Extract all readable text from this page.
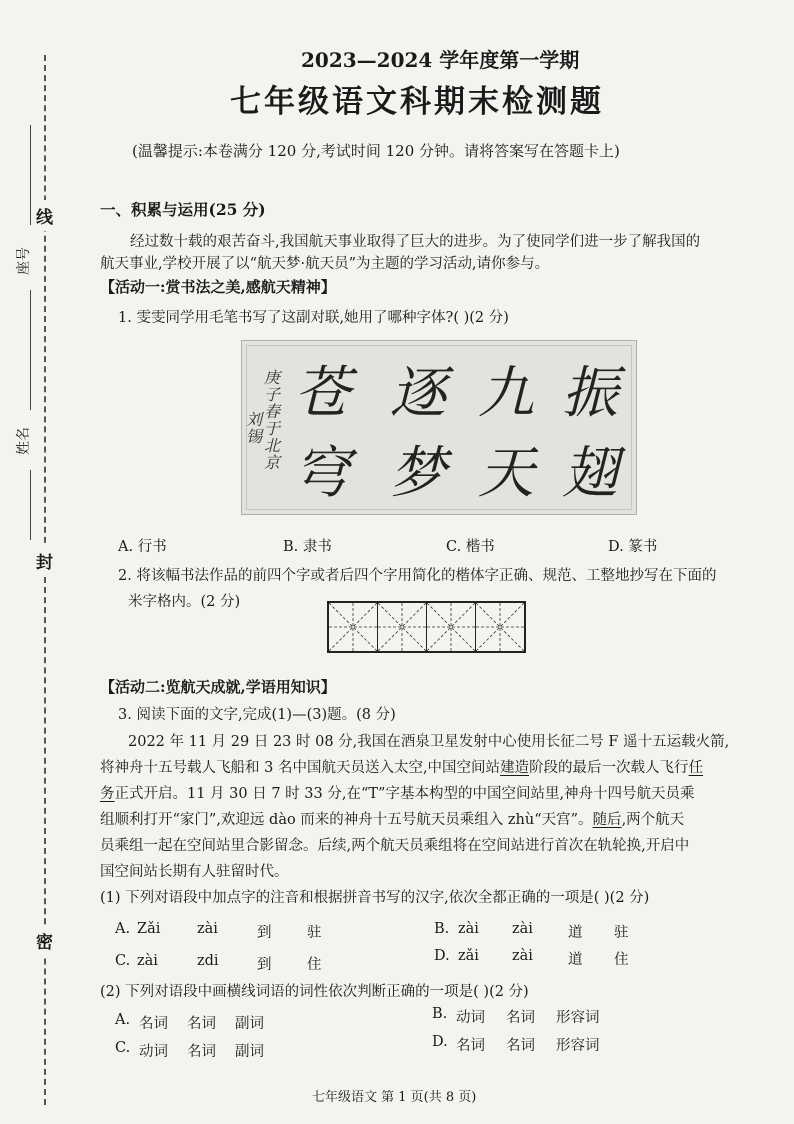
线
封
密
座号
姓名
2023—2024 学年度第一学期
七年级语文科期末检测题
(温馨提示:本卷满分 120 分,考试时间 120 分钟。请将答案写在答题卡上)
一、积累与运用(25 分)
经过数十载的艰苦奋斗,我国航天事业取得了巨大的进步。为了使同学们进一步了解我国的
航天事业,学校开展了以“航天梦·航天员”为主题的学习活动,请你参与。
【活动一:赏书法之美,感航天精神】
1. 雯雯同学用毛笔书写了这副对联,她用了哪种字体?( )(2 分)
庚子春于北京
刘锡
苍
穹
逐
梦
九
天
振
翅
A. 行书	B. 隶书	C. 楷书	D. 篆书
2. 将该幅书法作品的前四个字或者后四个字用简化的楷体字正确、规范、工整地抄写在下面的
米字格内。(2 分)
【活动二:览航天成就,学语用知识】
3. 阅读下面的文字,完成(1)—(3)题。(8 分)
2022 年 11 月 29 日 23 时 08 分,我国在酒泉卫星发射中心使用长征二号 F 遥十五运载火箭,
将神舟十五号载人飞船和 3 名中国航天员送入太空,中国空间站建造阶段的最后一次载人飞行任
务正式开启。11 月 30 日 7 时 33 分,在“T”字基本构型的中国空间站里,神舟十四号航天员乘
组顺利打开“家门”,欢迎远 dào 而来的神舟十五号航天员乘组入 zhù“天宫”。随后,两个航天
员乘组一起在空间站里合影留念。后续,两个航天员乘组将在空间站进行首次在轨轮换,开启中
国空间站长期有人驻留时代。
(1) 下列对语段中加点字的注音和根据拼音书写的汉字,依次全都正确的一项是( )(2 分)
A. Zǎi	zài	到 驻	B. zài zài 道 驻
C. zài	zdi	到 住
D. zǎi zài 道 住
(2) 下列对语段中画横线词语的词性依次判断正确的一项是( )(2 分)
A. 名词 名词 副词
B. 动词 名词 形容词
C. 动词 名词 副词
D. 名词 名词 形容词
七年级语文 第 1 页(共 8 页)
